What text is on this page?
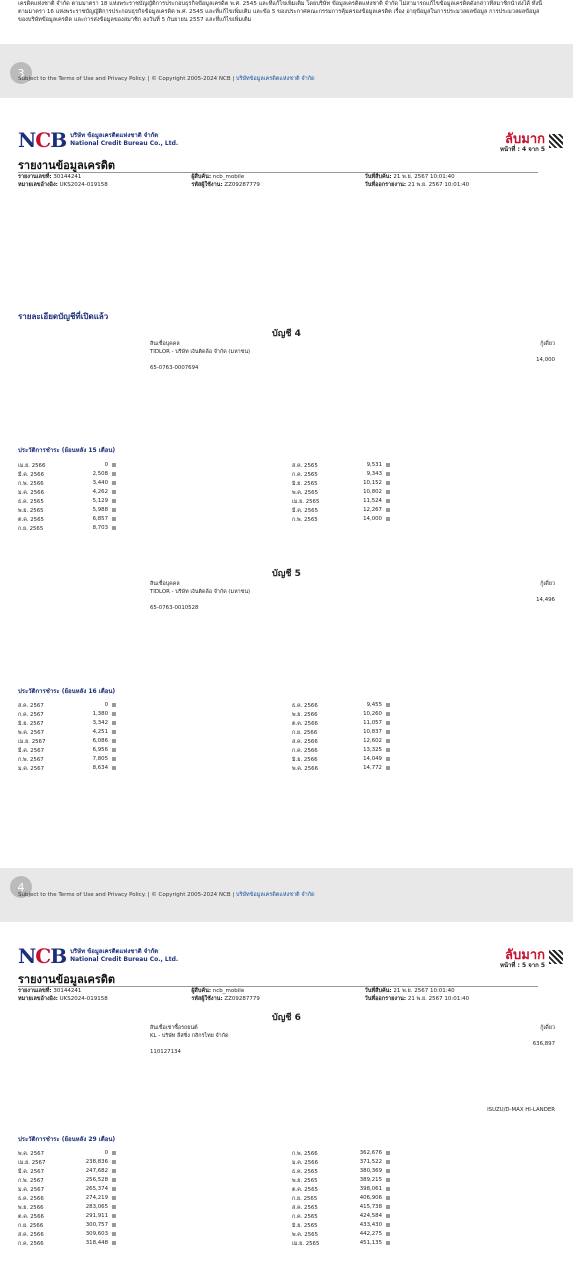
เครดิตแห่งชาติ จำกัด ตามมาตรา 18 แห่งพระราชบัญญัติการประกอบธุรกิจข้อมูลเครดิต พ.ศ. 2545 และที่แก้ไขเพิ่มเติม โดยบริษัท ข้อมูลเครดิตแห่งชาติ จำกัด ไม่สามารถแก้ไขข้อมูลเครดิตดังกล่าวที่สมาชิกนำส่งได้ ทั้งนี้ ตามมาตรา 16 แห่งพระราชบัญญัติการประกอบธุรกิจข้อมูลเครดิต พ.ศ. 2545 และที่แก้ไขเพิ่มเติม และข้อ 5 ของประกาศคณะกรรมการคุ้มครองข้อมูลเครดิต เรื่อง อายุข้อมูลในการประมวลผลข้อมูล การประมวลผลข้อมูลของบริษัทข้อมูลเครดิต และการส่งข้อมูลของสมาชิก ลงวันที่ 5 กันยายน 2557 และที่แก้ไขเพิ่มเติม
3
Subject to the Terms of Use and Privacy Policy. | © Copyright 2005-2024 NCB | บริษัทข้อมูลเครดิตแห่งชาติ จำกัด
NCB บริษัท ข้อมูลเครดิตแห่งชาติ จำกัด
National Credit Bureau Co., Ltd.	ลับมาก
หน้าที่ : 4 จาก 5
รายงานข้อมูลเครดิต
รายงานเลขที่: 30144241	ผู้สืบค้น: ncb_mobile	วันที่สืบค้น: 21 พ.ย. 2567 10:01:40
หมายเลขอ้างอิง: UKS2024-019158	รหัสผู้ใช้งาน: ZZ09287779	วันที่ออกรายงาน: 21 พ.ย. 2567 10:01:40
รายละเอียดบัญชีที่เปิดแล้ว
บัญชี 4
สินเชื่อบุคคล
TIDLOR - บริษัท เงินติดล้อ จำกัด (มหาชน)
65-0763-0007694
กู้เดี่ยว
14,000
ประวัติการชำระ (ย้อนหลัง 15 เดือน)
เม.ย. 2566	0	ส.ค. 2565	9,531
มี.ค. 2566	2,508	ก.ค. 2565	9,343
ก.พ. 2566	3,440	มิ.ย. 2565	10,152
ม.ค. 2566	4,262	พ.ค. 2565	10,802
ธ.ค. 2565	5,129	เม.ย. 2565	11,524
พ.ย. 2565	5,988	มี.ค. 2565	12,267
ต.ค. 2565	6,857	ก.พ. 2565	14,000
ก.ย. 2565	8,703
บัญชี 5
สินเชื่อบุคคล
TIDLOR - บริษัท เงินติดล้อ จำกัด (มหาชน)
65-0763-0010528
กู้เดี่ยว
14,496
ประวัติการชำระ (ย้อนหลัง 16 เดือน)
ส.ค. 2567	0	ธ.ค. 2566	9,455
ก.ค. 2567	1,380	พ.ย. 2566	10,260
มิ.ย. 2567	3,342	ต.ค. 2566	11,057
พ.ค. 2567	4,251	ก.ย. 2566	10,837
เม.ย. 2567	6,086	ส.ค. 2566	12,602
มี.ค. 2567	6,956	ก.ค. 2566	13,325
ก.พ. 2567	7,805	มิ.ย. 2566	14,049
ม.ค. 2567	8,634	พ.ค. 2566	14,772
4
Subject to the Terms of Use and Privacy Policy. | © Copyright 2005-2024 NCB | บริษัทข้อมูลเครดิตแห่งชาติ จำกัด
NCB บริษัท ข้อมูลเครดิตแห่งชาติ จำกัด
National Credit Bureau Co., Ltd.	ลับมาก
หน้าที่ : 5 จาก 5
รายงานข้อมูลเครดิต
รายงานเลขที่: 30144241	ผู้สืบค้น: ncb_mobile	วันที่สืบค้น: 21 พ.ย. 2567 10:01:40
หมายเลขอ้างอิง: UKS2024-019158	รหัสผู้ใช้งาน: ZZ09287779	วันที่ออกรายงาน: 21 พ.ย. 2567 10:01:40
บัญชี 6
สินเชื่อเช่าซื้อรถยนต์
KL - บริษัท ลีสซิ่ง กสิกรไทย จำกัด
110127134
กู้เดี่ยว
636,897
ISUZU/D-MAX HI-LANDER
ประวัติการชำระ (ย้อนหลัง 29 เดือน)
พ.ค. 2567	0	ก.พ. 2566	362,676
เม.ย. 2567	238,836	ม.ค. 2566	371,522
มี.ค. 2567	247,682	ธ.ค. 2565	380,369
ก.พ. 2567	256,528	พ.ย. 2565	389,215
ม.ค. 2567	265,374	ต.ค. 2565	398,061
ธ.ค. 2566	274,219	ก.ย. 2565	406,906
พ.ย. 2566	283,065	ส.ค. 2565	415,738
ต.ค. 2566	291,911	ก.ค. 2565	424,584
ก.ย. 2566	300,757	มิ.ย. 2565	433,430
ส.ค. 2566	309,603	พ.ค. 2565	442,275
ก.ค. 2566	318,448	เม.ย. 2565	451,135
